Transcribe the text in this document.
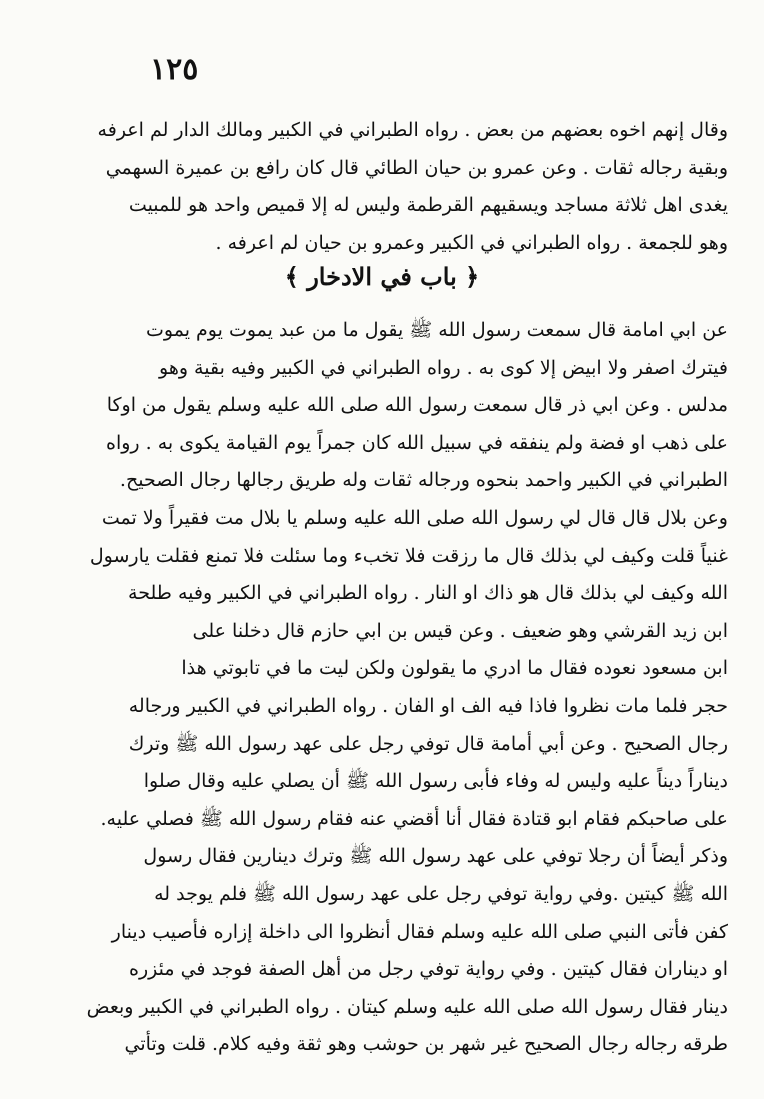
١٢٥
وقال إنهم اخوه بعضهم من بعض . رواه الطبراني في الكبير ومالك الدار لم اعرفه
وبقية رجاله ثقات . وعن عمرو بن حيان الطائي قال كان رافع بن عميرة السهمي
يغدى اهل ثلاثة مساجد ويسقيهم القرطمة وليس له إلا قميص واحد هو للمبيت
وهو للجمعة . رواه الطبراني في الكبير وعمرو بن حيان لم اعرفه .
﴿ باب في الادخار ﴾
عن ابي امامة قال سمعت رسول الله ﷺ يقول ما من عبد يموت يوم يموت
فيترك اصفر ولا ابيض إلا كوى به . رواه الطبراني في الكبير وفيه بقية وهو
مدلس . وعن ابي ذر قال سمعت رسول الله صلى الله عليه وسلم يقول من اوكا
على ذهب او فضة ولم ينفقه في سبيل الله كان جمراً يوم القيامة يكوى به . رواه
الطبراني في الكبير واحمد بنحوه ورجاله ثقات وله طريق رجالها رجال الصحيح.
وعن بلال قال قال لي رسول الله صلى الله عليه وسلم يا بلال مت فقيراً ولا تمت
غنياً قلت وكيف لي بذلك قال ما رزقت فلا تخبء وما سئلت فلا تمنع فقلت يارسول
الله وكيف لي بذلك قال هو ذاك او النار . رواه الطبراني في الكبير وفيه طلحة
ابن زيد القرشي وهو ضعيف . وعن قيس بن ابي حازم قال دخلنا على
ابن مسعود نعوده فقال ما ادري ما يقولون ولكن ليت ما في تابوتي هذا
حجر فلما مات نظروا فاذا فيه الف او الفان . رواه الطبراني في الكبير ورجاله
رجال الصحيح . وعن أبي أمامة قال توفي رجل على عهد رسول الله ﷺ وترك
ديناراً ديناً عليه وليس له وفاء فأبى رسول الله ﷺ أن يصلي عليه وقال صلوا
على صاحبكم فقام ابو قتادة فقال أنا أقضي عنه فقام رسول الله ﷺ فصلي عليه.
وذكر أيضاً أن رجلا توفي على عهد رسول الله ﷺ وترك دينارين فقال رسول
الله ﷺ كيتين .وفي رواية توفي رجل على عهد رسول الله ﷺ فلم يوجد له
كفن فأتى النبي صلى الله عليه وسلم فقال أنظروا الى داخلة إزاره فأصيب دينار
او ديناران فقال كيتين . وفي رواية توفي رجل من أهل الصفة فوجد في مئزره
دينار فقال رسول الله صلى الله عليه وسلم كيتان . رواه الطبراني في الكبير وبعض
طرقه رجاله رجال الصحيح غير شهر بن حوشب وهو ثقة وفيه كلام. قلت وتأتي
